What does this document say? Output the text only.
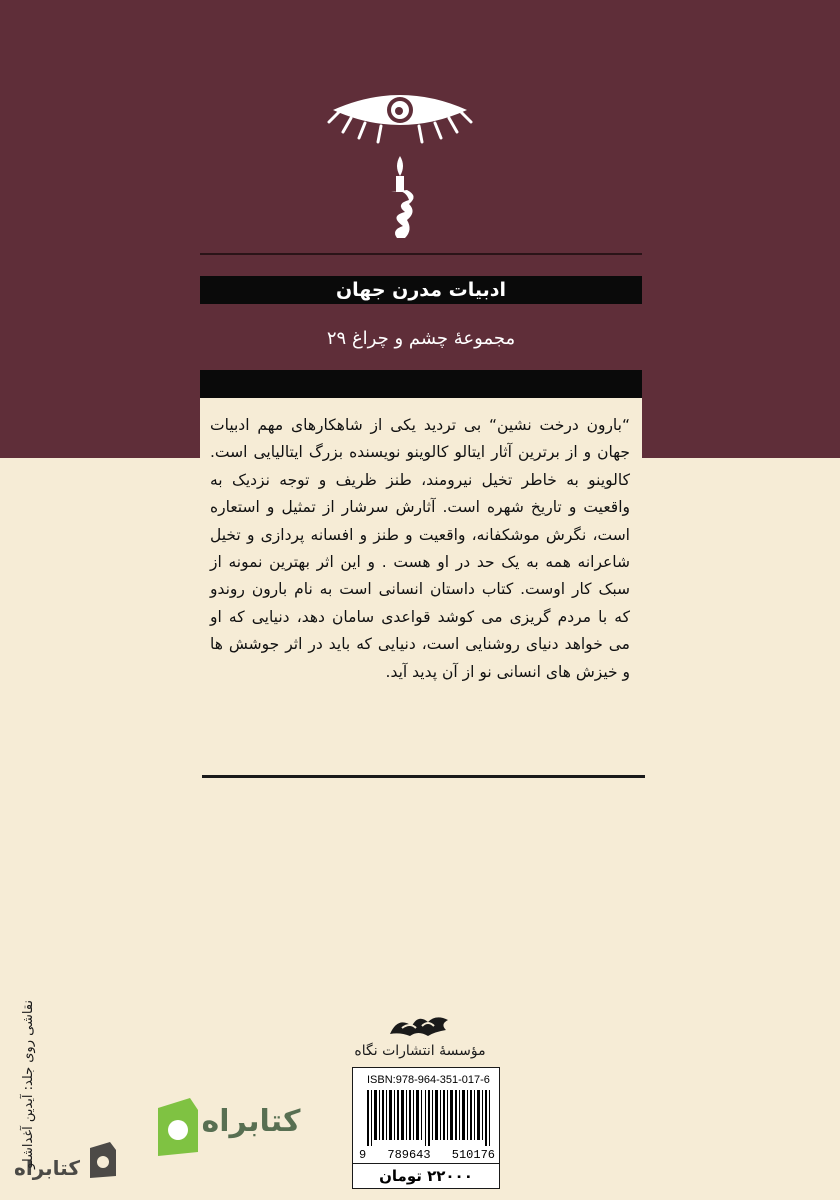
ادبیات مدرن جهان
مجموعهٔ چشم و چراغ ۲۹
“بارون درخت نشین“ بی تردید یکی از شاهکارهای مهم ادبیات جهان و از برترین آثار ایتالو کالوینو نویسنده بزرگ ایتالیایی است. کالوینو به خاطر تخیل نیرومند، طنز ظریف و توجه نزدیک به واقعیت و تاریخ شهره است. آثارش سرشار از تمثیل و استعاره است، نگرش موشکفانه، واقعیت و طنز و افسانه پردازی و تخیل شاعرانه همه به یک حد در او هست . و این اثر بهترین نمونه از سبک کار اوست. کتاب داستان انسانی است به نام بارون روندو که با مردم گریزی می کوشد قواعدی سامان دهد، دنیایی که او می خواهد دنیای روشنایی است، دنیایی که باید در اثر جوشش ها و خیزش های انسانی نو از آن پدید آید.
نقاشی روی جلد: آیدین آغداشلو	مؤسسهٔ انتشارات نگاه
ISBN:978-964-351-017-6
9 789643 510176
۲۲۰۰۰ تومان
کتابراه
کتابراه
